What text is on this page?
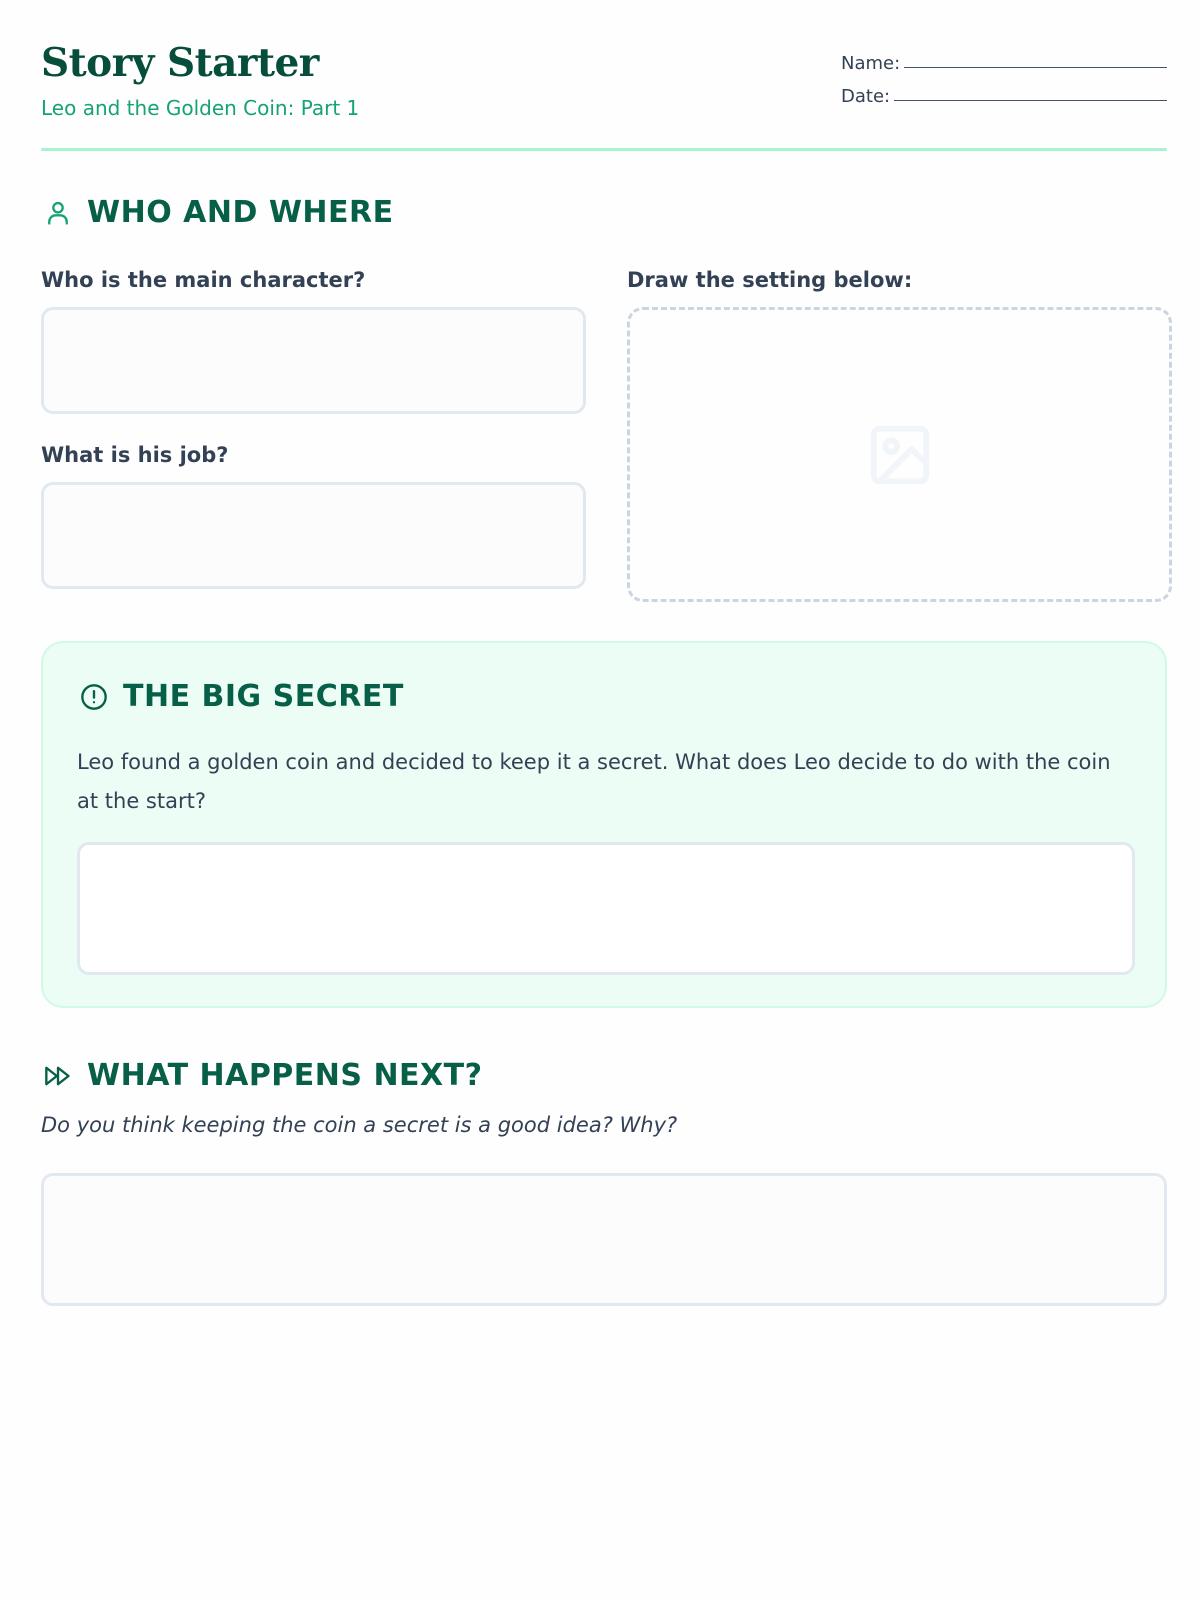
Story Starter
Leo and the Golden Coin: Part 1
Name:
Date:
WHO AND WHERE
Who is the main character?
What is his job?
Draw the setting below:
THE BIG SECRET
Leo found a golden coin and decided to keep it a secret. What does Leo decide to do with the coin at the start?
WHAT HAPPENS NEXT?
Do you think keeping the coin a secret is a good idea? Why?
